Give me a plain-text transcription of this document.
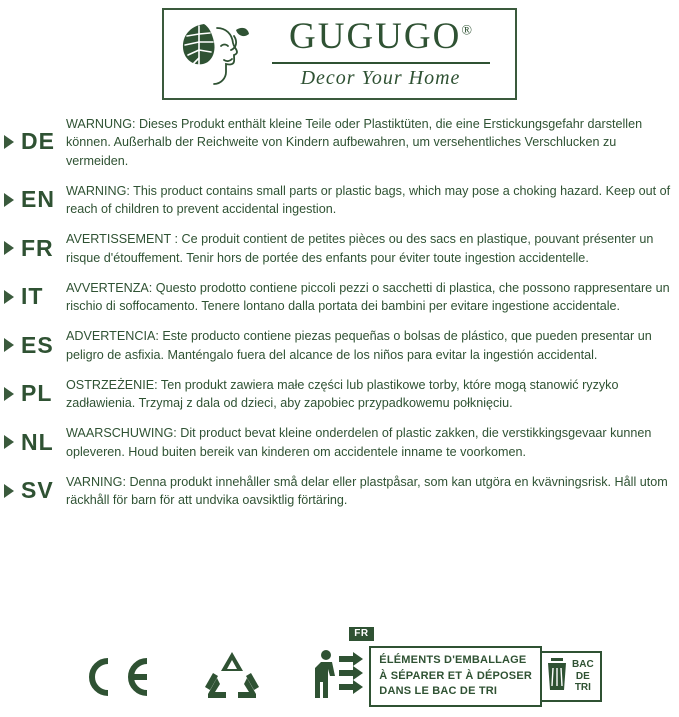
GUGUGO®
Decor Your Home
DE
WARNUNG: Dieses Produkt enthält kleine Teile oder Plastiktüten, die eine Erstickungsgefahr darstellen können. Außerhalb der Reichweite von Kindern aufbewahren, um versehentliches Verschlucken zu vermeiden.
EN WARNING: This product contains small parts or plastic bags, which may pose a choking hazard. Keep out of reach of children to prevent accidental ingestion.
FR AVERTISSEMENT : Ce produit contient de petites pièces ou des sacs en plastique, pouvant présenter un risque d'étouffement. Tenir hors de portée des enfants pour éviter toute ingestion accidentelle.
IT AVVERTENZA: Questo prodotto contiene piccoli pezzi o sacchetti di plastica, che possono rappresentare un rischio di soffocamento. Tenere lontano dalla portata dei bambini per evitare ingestione accidentale.
ES ADVERTENCIA: Este producto contiene piezas pequeñas o bolsas de plástico, que pueden presentar un peligro de asfixia. Manténgalo fuera del alcance de los niños para evitar la ingestión accidental.
PL OSTRZEŻENIE: Ten produkt zawiera małe części lub plastikowe torby, które mogą stanowić ryzyko zadławienia. Trzymaj z dala od dzieci, aby zapobiec przypadkowemu połknięciu.
NL WAARSCHUWING: Dit product bevat kleine onderdelen of plastic zakken, die verstikkingsgevaar kunnen opleveren. Houd buiten bereik van kinderen om accidentele inname te voorkomen.
SV VARNING: Denna produkt innehåller små delar eller plastpåsar, som kan utgöra en kvävningsrisk. Håll utom räckhåll för barn för att undvika oavsiktlig förtäring.
FR
ÉLÉMENTS D'EMBALLAGE
À SÉPARER ET À DÉPOSER
DANS LE BAC DE TRI
BAC
DE
TRI
